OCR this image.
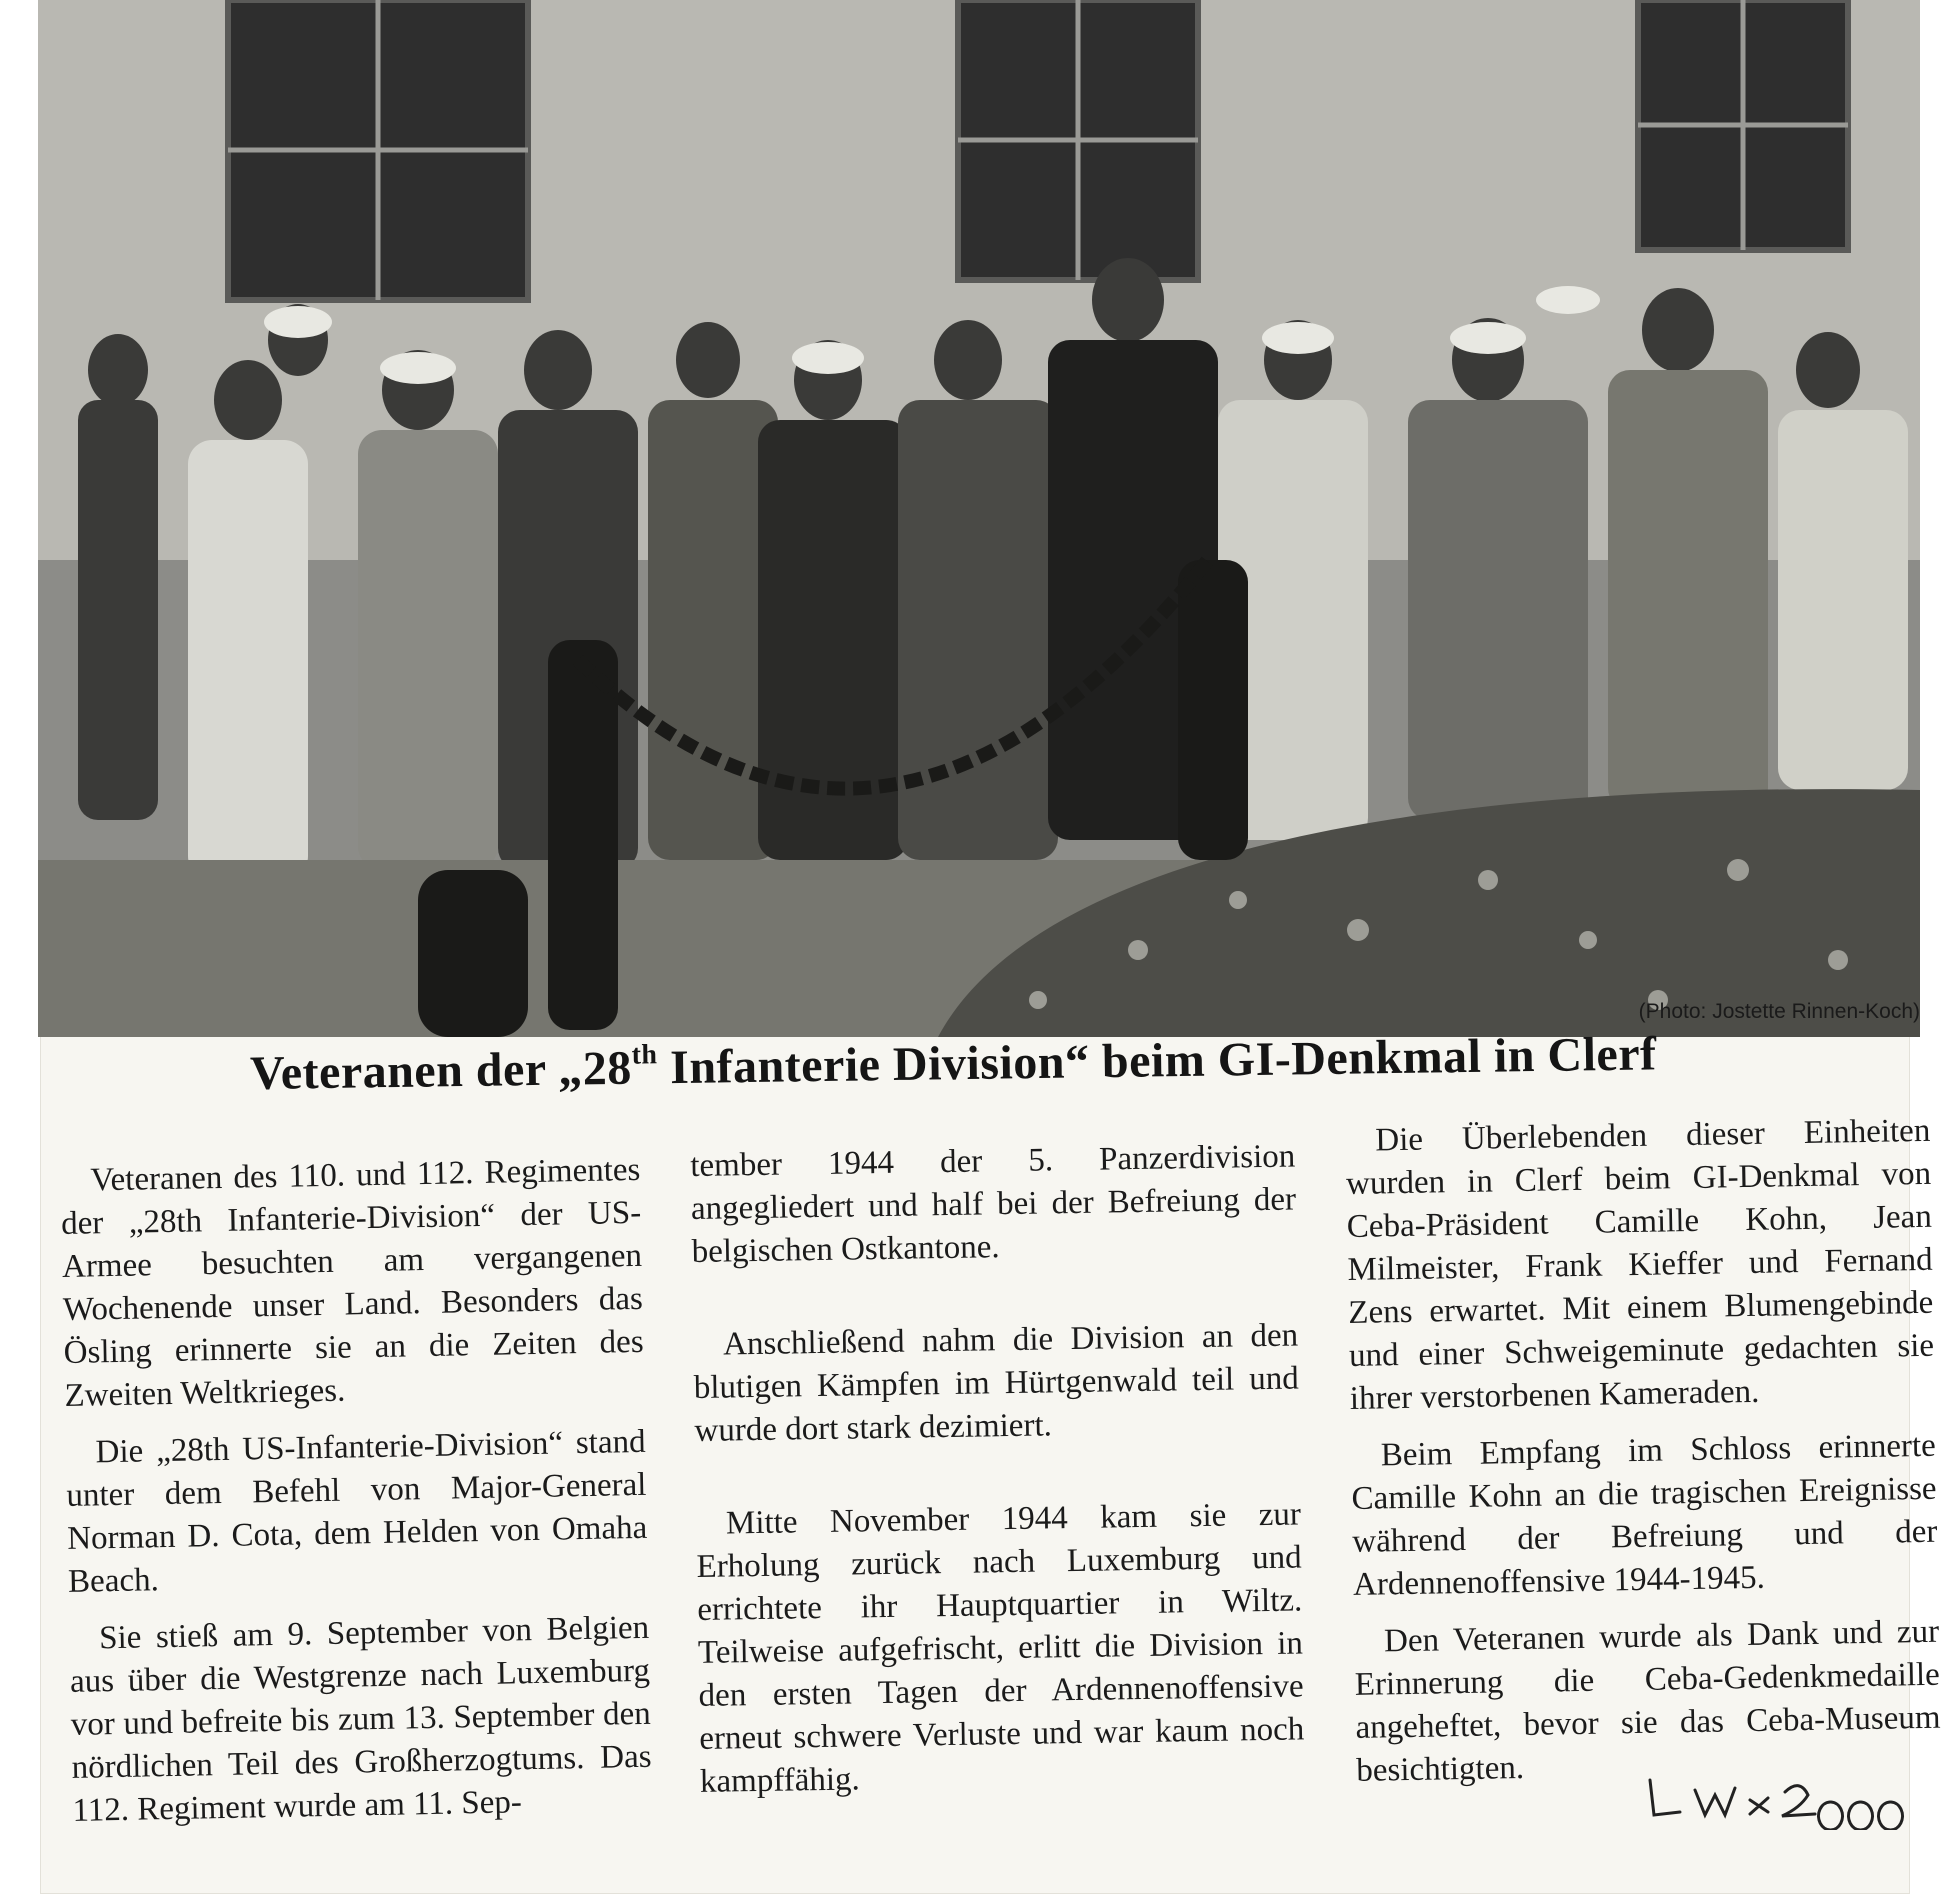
(Photo: Jostette Rinnen-Koch)
Veteranen der „28th Infanterie Division“ beim GI-Denkmal in Clerf

Veteranen des 110. und 112. Regimentes der „28th Infanterie-Division“ der US-Armee besuchten am vergangenen Wochenende unser Land. Besonders das Ösling erinnerte sie an die Zeiten des Zweiten Weltkrieges.

Die „28th US-Infanterie-Division“ stand unter dem Befehl von Major-General Norman D. Cota, dem Helden von Omaha Beach.

Sie stieß am 9. September von Belgien aus über die Westgrenze nach Luxemburg vor und befreite bis zum 13. September den nördlichen Teil des Großherzogtums. Das 112. Regiment wurde am 11. Sep-

tember 1944 der 5. Panzerdivision angegliedert und half bei der Befreiung der belgischen Ostkantone.

Anschließend nahm die Division an den blutigen Kämpfen im Hürtgenwald teil und wurde dort stark dezimiert.

Mitte November 1944 kam sie zur Erholung zurück nach Luxemburg und errichtete ihr Hauptquartier in Wiltz. Teilweise aufgefrischt, erlitt die Division in den ersten Tagen der Ardennenoffensive erneut schwere Verluste und war kaum noch kampffähig.

Die Überlebenden dieser Einheiten wurden in Clerf beim GI-Denkmal von Ceba-Präsident Camille Kohn, Jean Milmeister, Frank Kieffer und Fernand Zens erwartet. Mit einem Blumengebinde und einer Schweigeminute gedachten sie ihrer verstorbenen Kameraden.

Beim Empfang im Schloss erinnerte Camille Kohn an die tragischen Ereignisse während der Befreiung und der Ardennenoffensive 1944-1945.

Den Veteranen wurde als Dank und zur Erinnerung die Ceba-Gedenkmedaille angeheftet, bevor sie das Ceba-Museum besichtigten.
